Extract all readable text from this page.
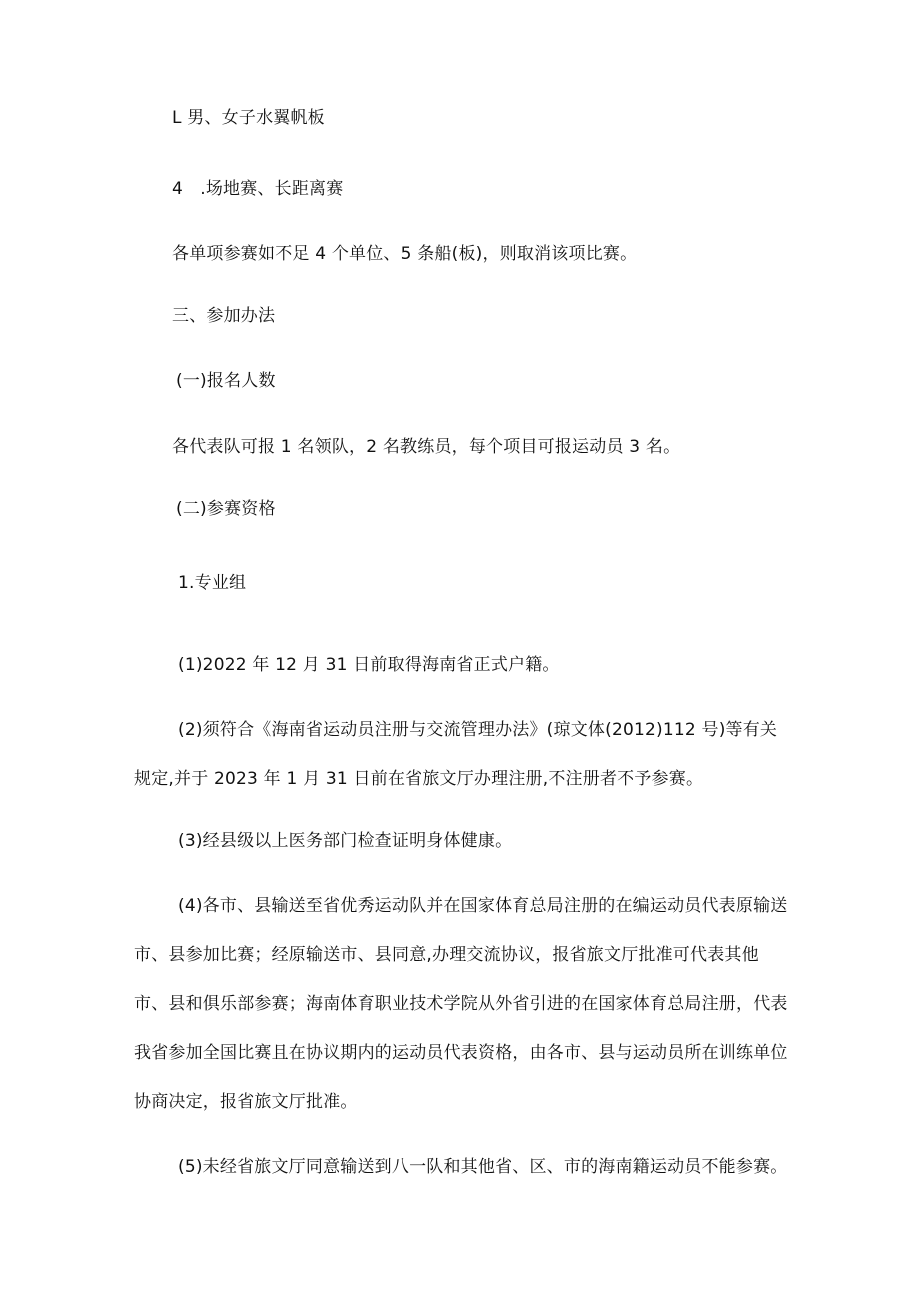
L 男、女子水翼帆板
4　.场地赛、长距离赛
各单项参赛如不足 4 个单位、5 条船(板)，则取消该项比赛。
三、参加办法
(一)报名人数
各代表队可报 1 名领队，2 名教练员，每个项目可报运动员 3 名。
(二)参赛资格
1.专业组
(1)2022 年 12 月 31 日前取得海南省正式户籍。
(2)须符合《海南省运动员注册与交流管理办法》(琼文体(2012)112 号)等有关
规定,并于 2023 年 1 月 31 日前在省旅文厅办理注册,不注册者不予参赛。
(3)经县级以上医务部门检查证明身体健康。
(4)各市、县输送至省优秀运动队并在国家体育总局注册的在编运动员代表原输送
市、县参加比赛；经原输送市、县同意,办理交流协议，报省旅文厅批准可代表其他
市、县和俱乐部参赛；海南体育职业技术学院从外省引进的在国家体育总局注册，代表
我省参加全国比赛且在协议期内的运动员代表资格，由各市、县与运动员所在训练单位
协商决定，报省旅文厅批准。
(5)未经省旅文厅同意输送到八一队和其他省、区、市的海南籍运动员不能参赛。
